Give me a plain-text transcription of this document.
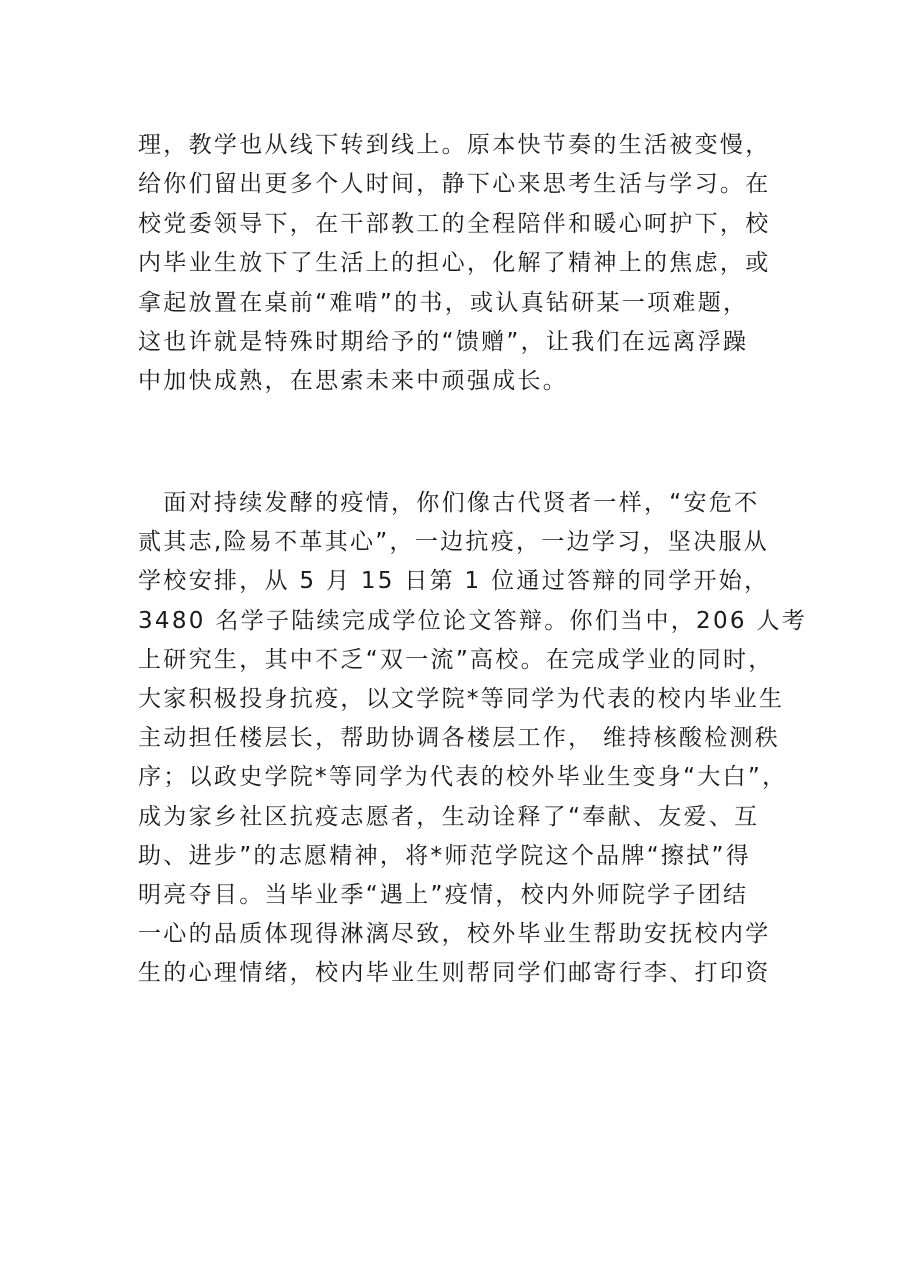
理，教学也从线下转到线上。原本快节奏的生活被变慢，
给你们留出更多个人时间，静下心来思考生活与学习。在
校党委领导下，在干部教工的全程陪伴和暖心呵护下，校
内毕业生放下了生活上的担心，化解了精神上的焦虑，或
拿起放置在桌前“难啃”的书，或认真钻研某一项难题，
这也许就是特殊时期给予的“馈赠”，让我们在远离浮躁
中加快成熟，在思索未来中顽强成长。
　面对持续发酵的疫情，你们像古代贤者一样，“安危不
贰其志,险易不革其心”，一边抗疫，一边学习，坚决服从
学校安排，从 5 月 15 日第 1 位通过答辩的同学开始，
3480 名学子陆续完成学位论文答辩。你们当中，206 人考
上研究生，其中不乏“双一流”高校。在完成学业的同时，
大家积极投身抗疫，以文学院*等同学为代表的校内毕业生
主动担任楼层长，帮助协调各楼层工作， 维持核酸检测秩
序；以政史学院*等同学为代表的校外毕业生变身“大白”，
成为家乡社区抗疫志愿者，生动诠释了“奉献、友爱、互
助、进步”的志愿精神，将*师范学院这个品牌“擦拭”得
明亮夺目。当毕业季“遇上”疫情，校内外师院学子团结
一心的品质体现得淋漓尽致，校外毕业生帮助安抚校内学
生的心理情绪，校内毕业生则帮同学们邮寄行李、打印资
